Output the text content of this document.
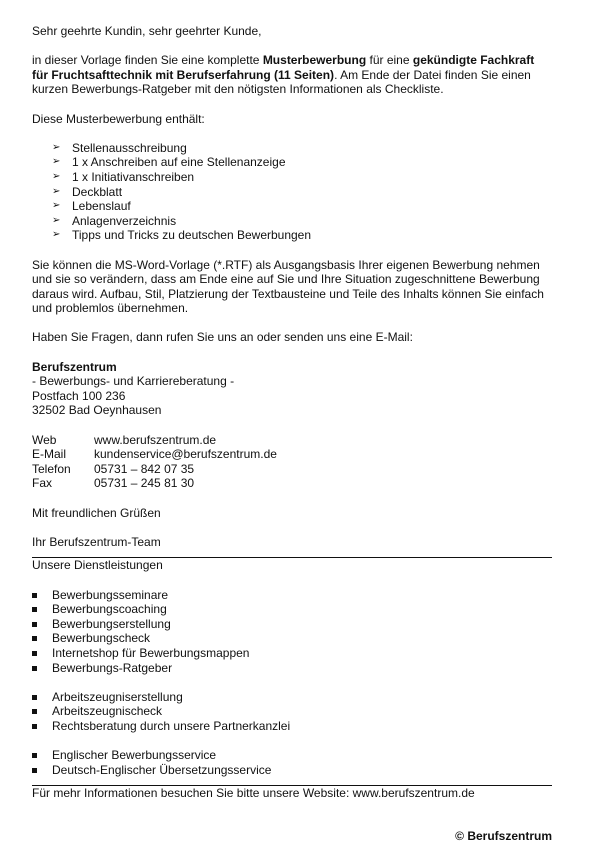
Sehr geehrte Kundin, sehr geehrter Kunde,

in dieser Vorlage finden Sie eine komplette Musterbewerbung für eine gekündigte Fachkraft für Fruchtsafttechnik mit Berufserfahrung (11 Seiten). Am Ende der Datei finden Sie einen kurzen Bewerbungs-Ratgeber mit den nötigsten Informationen als Checkliste.

Diese Musterbewerbung enthält:

➢ Stellenausschreibung
➢ 1 x Anschreiben auf eine Stellenanzeige
➢ 1 x Initiativanschreiben
➢ Deckblatt
➢ Lebenslauf
➢ Anlagenverzeichnis
➢ Tipps und Tricks zu deutschen Bewerbungen

Sie können die MS-Word-Vorlage (*.RTF) als Ausgangsbasis Ihrer eigenen Bewerbung nehmen und sie so verändern, dass am Ende eine auf Sie und Ihre Situation zugeschnittene Bewerbung daraus wird. Aufbau, Stil, Platzierung der Textbausteine und Teile des Inhalts können Sie einfach und problemlos übernehmen.

Haben Sie Fragen, dann rufen Sie uns an oder senden uns eine E-Mail:

Berufszentrum

- Bewerbungs- und Karriereberatung -

Postfach 100 236

32502 Bad Oeynhausen

Web	www.berufszentrum.de
E-Mail	kundenservice@berufszentrum.de
Telefon	05731 – 842 07 35
Fax	05731 – 245 81 30

Mit freundlichen Grüßen

Ihr Berufszentrum-Team

Unsere Dienstleistungen

Bewerbungsseminare
Bewerbungscoaching
Bewerbungserstellung
Bewerbungscheck
Internetshop für Bewerbungsmappen
Bewerbungs-Ratgeber
Arbeitszeugniserstellung
Arbeitszeugnischeck
Rechtsberatung durch unsere Partnerkanzlei
Englischer Bewerbungsservice
Deutsch-Englischer Übersetzungsservice

Für mehr Informationen besuchen Sie bitte unsere Website: www.berufszentrum.de

© Berufszentrum
